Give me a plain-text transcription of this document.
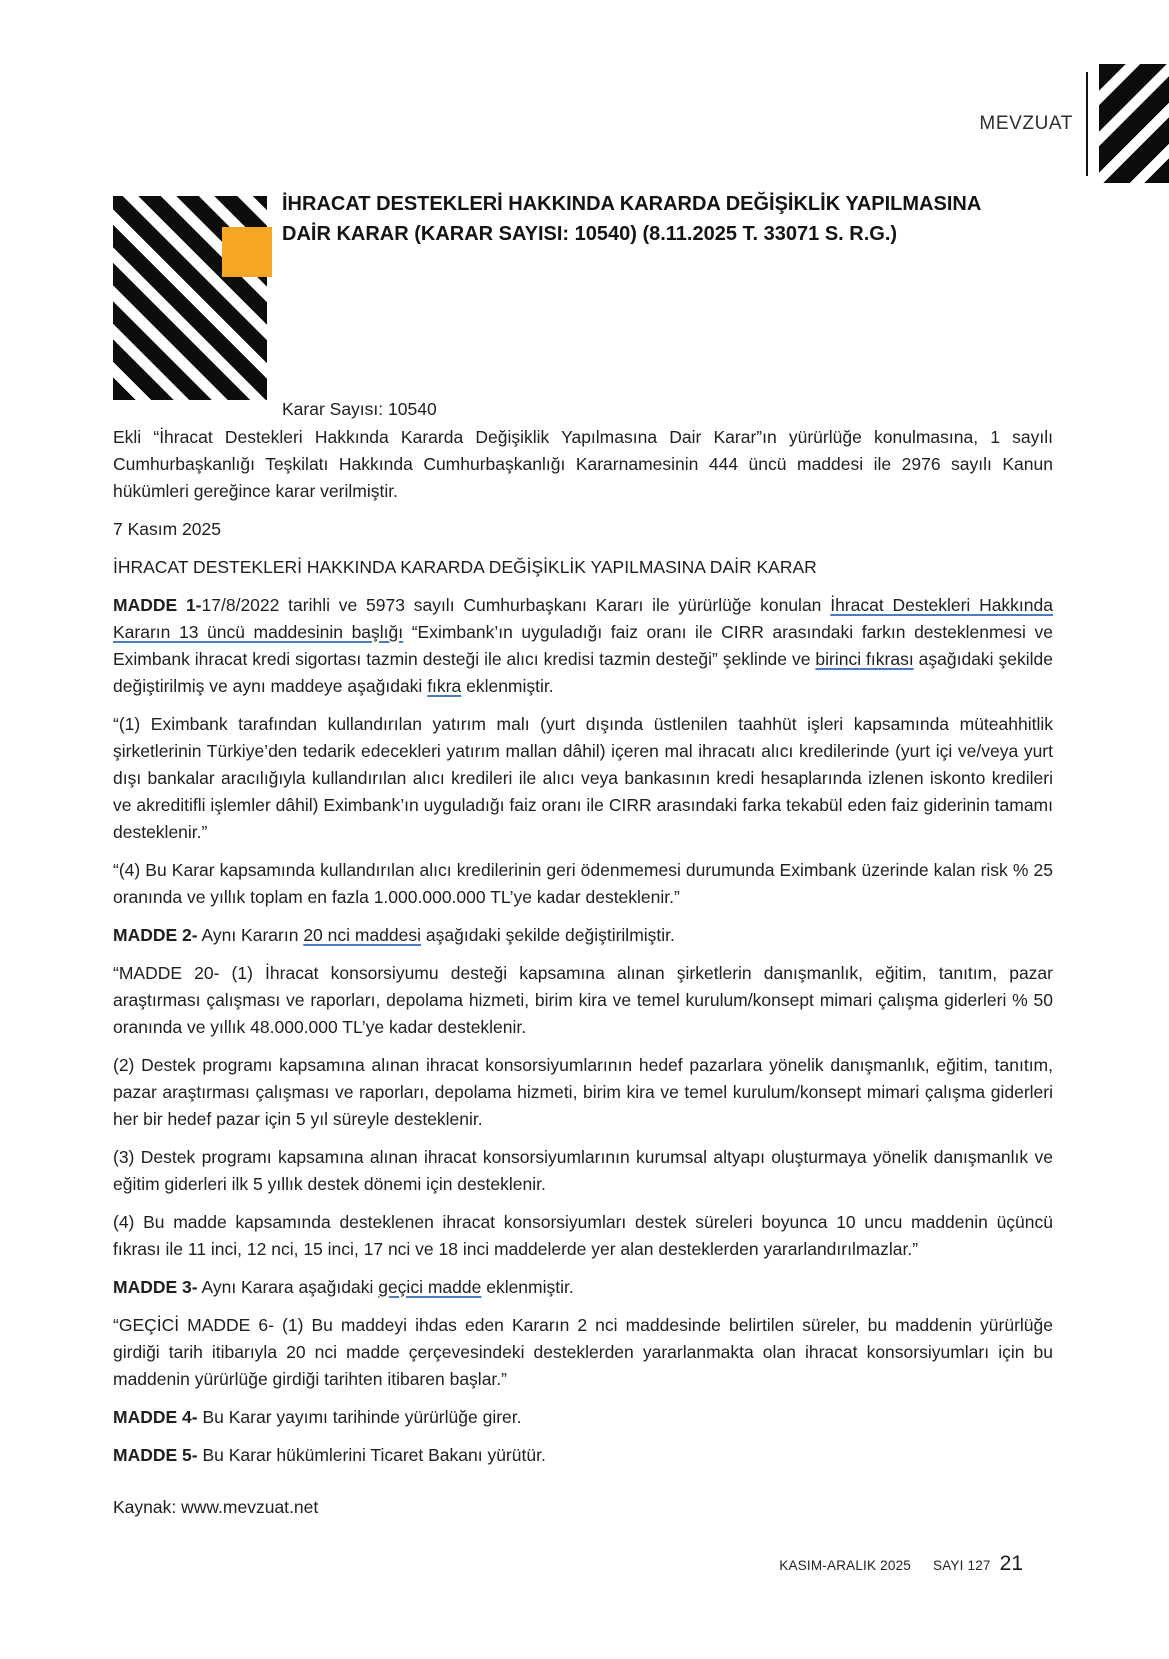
MEVZUAT
İHRACAT DESTEKLERİ HAKKINDA KARARDA DEĞİŞİKLİK YAPILMASINA DAİR KARAR (KARAR SAYISI: 10540) (8.11.2025 T. 33071 S. R.G.)
Karar Sayısı: 10540

Ekli “İhracat Destekleri Hakkında Kararda Değişiklik Yapılmasına Dair Karar”ın yürürlüğe konulmasına, 1 sayılı Cumhurbaşkanlığı Teşkilatı Hakkında Cumhurbaşkanlığı Kararnamesinin 444 üncü maddesi ile 2976 sayılı Kanun hükümleri gereğince karar verilmiştir.

7 Kasım 2025

İHRACAT DESTEKLERİ HAKKINDA KARARDA DEĞİŞİKLİK YAPILMASINA DAİR KARAR

MADDE 1-17/8/2022 tarihli ve 5973 sayılı Cumhurbaşkanı Kararı ile yürürlüğe konulan İhracat Destekleri Hakkında Kararın 13 üncü maddesinin başlığı “Eximbank’ın uyguladığı faiz oranı ile CIRR arasındaki farkın desteklenmesi ve Eximbank ihracat kredi sigortası tazmin desteği ile alıcı kredisi tazmin desteği” şeklinde ve birinci fıkrası aşağıdaki şekilde değiştirilmiş ve aynı maddeye aşağıdaki fıkra eklenmiştir.

“(1) Eximbank tarafından kullandırılan yatırım malı (yurt dışında üstlenilen taahhüt işleri kapsamında müteahhitlik şirketlerinin Türkiye’den tedarik edecekleri yatırım mallan dâhil) içeren mal ihracatı alıcı kredilerinde (yurt içi ve/veya yurt dışı bankalar aracılığıyla kullandırılan alıcı kredileri ile alıcı veya bankasının kredi hesaplarında izlenen iskonto kredileri ve akreditifli işlemler dâhil) Eximbank’ın uyguladığı faiz oranı ile CIRR arasındaki farka tekabül eden faiz giderinin tamamı desteklenir.”

“(4) Bu Karar kapsamında kullandırılan alıcı kredilerinin geri ödenmemesi durumunda Eximbank üzerinde kalan risk % 25 oranında ve yıllık toplam en fazla 1.000.000.000 TL’ye kadar desteklenir.”

MADDE 2- Aynı Kararın 20 nci maddesi aşağıdaki şekilde değiştirilmiştir.

“MADDE 20- (1) İhracat konsorsiyumu desteği kapsamına alınan şirketlerin danışmanlık, eğitim, tanıtım, pazar araştırması çalışması ve raporları, depolama hizmeti, birim kira ve temel kurulum/konsept mimari çalışma giderleri % 50 oranında ve yıllık 48.000.000 TL’ye kadar desteklenir.

(2) Destek programı kapsamına alınan ihracat konsorsiyumlarının hedef pazarlara yönelik danışmanlık, eğitim, tanıtım, pazar araştırması çalışması ve raporları, depolama hizmeti, birim kira ve temel kurulum/konsept mimari çalışma giderleri her bir hedef pazar için 5 yıl süreyle desteklenir.

(3) Destek programı kapsamına alınan ihracat konsorsiyumlarının kurumsal altyapı oluşturmaya yönelik danışmanlık ve eğitim giderleri ilk 5 yıllık destek dönemi için desteklenir.

(4) Bu madde kapsamında desteklenen ihracat konsorsiyumları destek süreleri boyunca 10 uncu maddenin üçüncü fıkrası ile 11 inci, 12 nci, 15 inci, 17 nci ve 18 inci maddelerde yer alan desteklerden yararlandırılmazlar.”

MADDE 3- Aynı Karara aşağıdaki geçici madde eklenmiştir.

“GEÇİCİ MADDE 6- (1) Bu maddeyi ihdas eden Kararın 2 nci maddesinde belirtilen süreler, bu maddenin yürürlüğe girdiği tarih itibarıyla 20 nci madde çerçevesindeki desteklerden yararlanmakta olan ihracat konsorsiyumları için bu maddenin yürürlüğe girdiği tarihten itibaren başlar.”

MADDE 4- Bu Karar yayımı tarihinde yürürlüğe girer.

MADDE 5- Bu Karar hükümlerini Ticaret Bakanı yürütür.

Kaynak: www.mevzuat.net
KASIM-ARALIK 2025 SAYI 127 21
